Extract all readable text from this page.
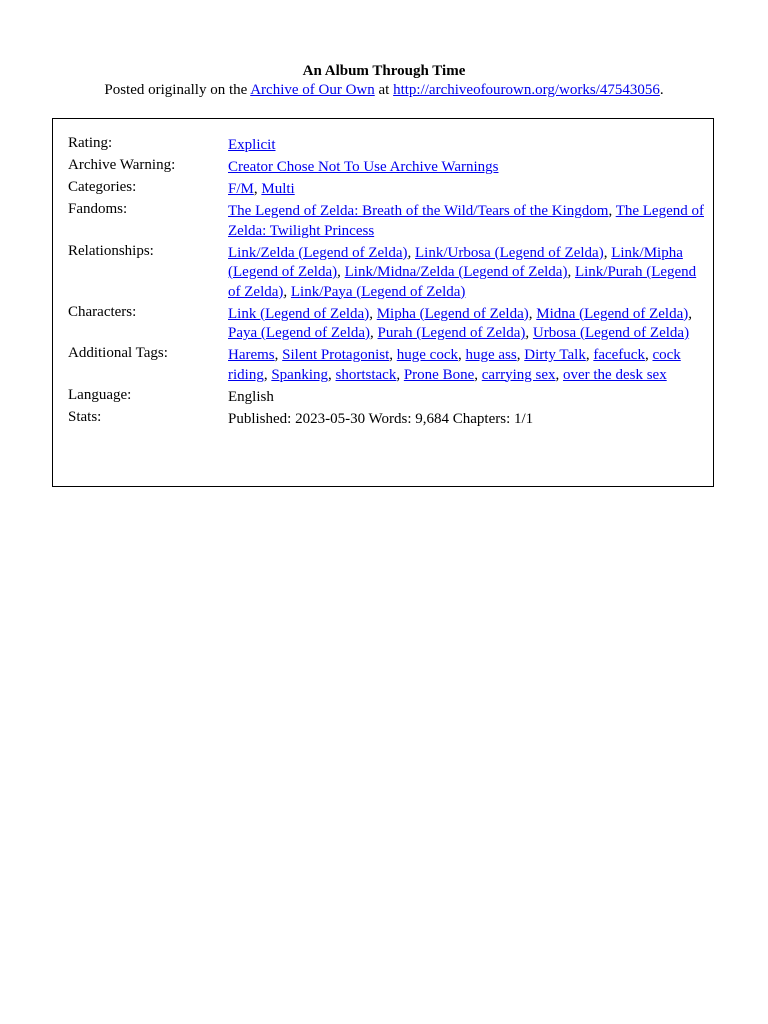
An Album Through Time
Posted originally on the Archive of Our Own at http://archiveofourown.org/works/47543056.
Rating:	Explicit
Archive Warning:	Creator Chose Not To Use Archive Warnings
Categories:	F/M, Multi
Fandoms:	The Legend of Zelda: Breath of the Wild/Tears of the Kingdom, The Legend of Zelda: Twilight Princess
Relationships:	Link/Zelda (Legend of Zelda), Link/Urbosa (Legend of Zelda), Link/Mipha (Legend of Zelda), Link/Midna/Zelda (Legend of Zelda), Link/Purah (Legend of Zelda), Link/Paya (Legend of Zelda)
Characters:	Link (Legend of Zelda), Mipha (Legend of Zelda), Midna (Legend of Zelda), Paya (Legend of Zelda), Purah (Legend of Zelda), Urbosa (Legend of Zelda)
Additional Tags:	Harems, Silent Protagonist, huge cock, huge ass, Dirty Talk, facefuck, cock riding, Spanking, shortstack, Prone Bone, carrying sex, over the desk sex
Language:	English
Stats:	Published: 2023-05-30 Words: 9,684 Chapters: 1/1
